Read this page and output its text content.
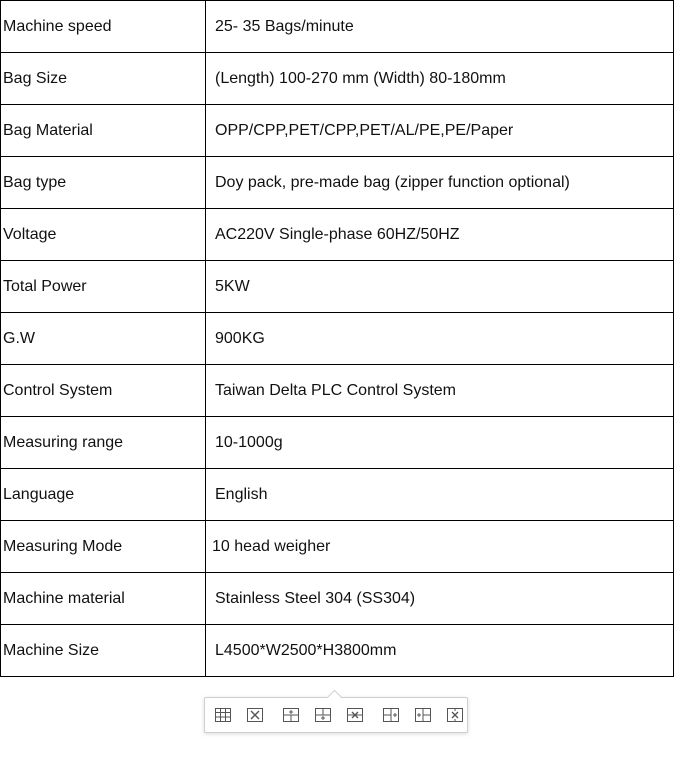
Machine speed	25- 35 Bags/minute
Bag Size	(Length) 100-270 mm (Width) 80-180mm
Bag Material	OPP/CPP,PET/CPP,PET/AL/PE,PE/Paper
Bag type	Doy pack, pre-made bag (zipper function optional)
Voltage	AC220V Single-phase 60HZ/50HZ
Total Power	5KW
G.W	900KG
Control System	Taiwan Delta PLC Control System
Measuring range	10-1000g
Language	English
Measuring Mode	10 head weigher
Machine material	Stainless Steel 304 (SS304)
Machine Size	L4500*W2500*H3800mm
